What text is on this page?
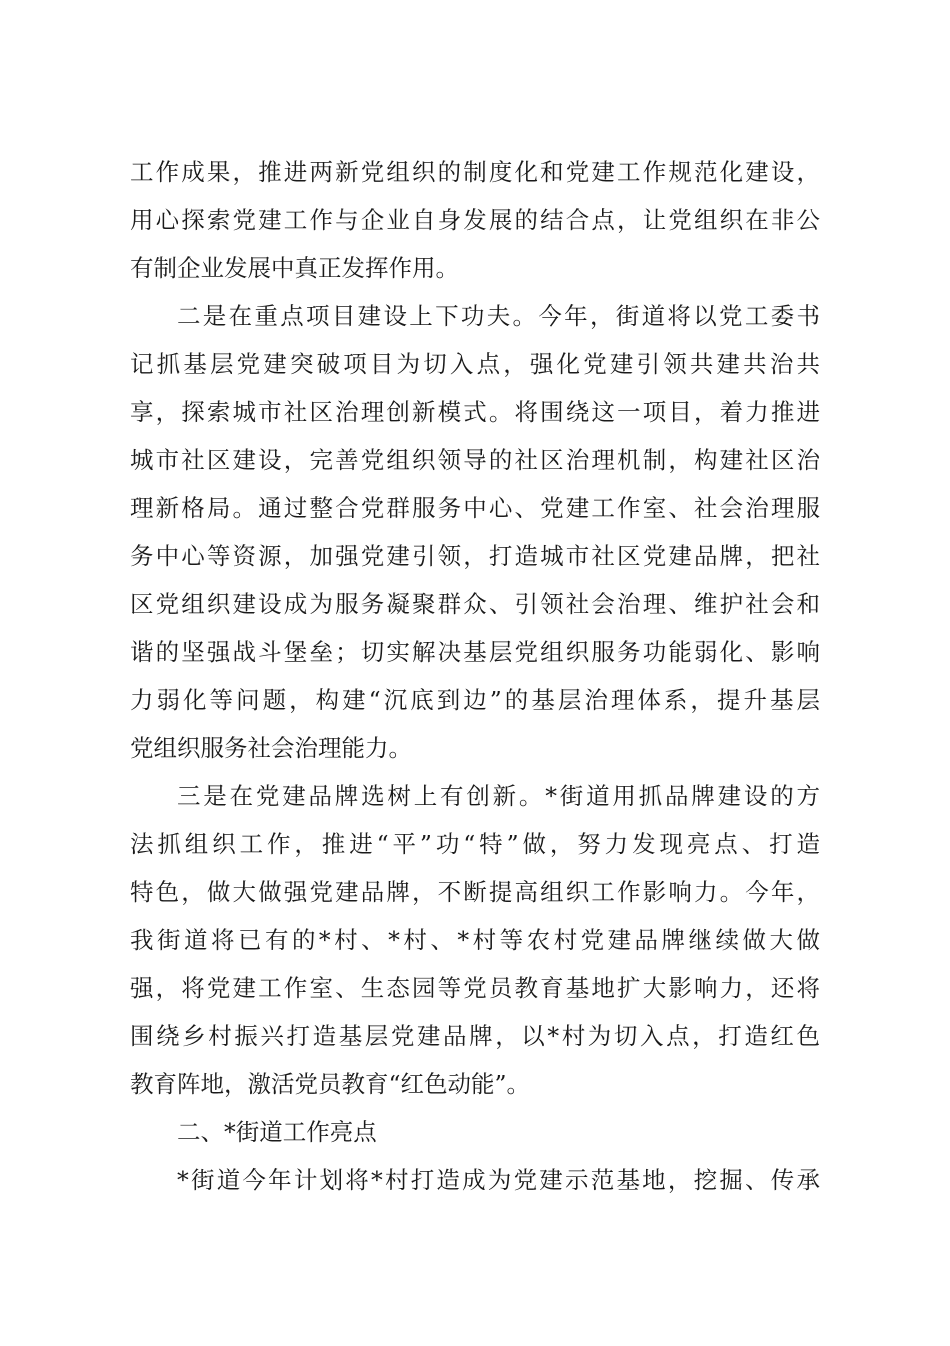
工作成果，推进两新党组织的制度化和党建工作规范化建设，
用心探索党建工作与企业自身发展的结合点，让党组织在非公
有制企业发展中真正发挥作用。
二是在重点项目建设上下功夫。今年，街道将以党工委书
记抓基层党建突破项目为切入点，强化党建引领共建共治共
享，探索城市社区治理创新模式。将围绕这一项目，着力推进
城市社区建设，完善党组织领导的社区治理机制，构建社区治
理新格局。通过整合党群服务中心、党建工作室、社会治理服
务中心等资源，加强党建引领，打造城市社区党建品牌，把社
区党组织建设成为服务凝聚群众、引领社会治理、维护社会和
谐的坚强战斗堡垒；切实解决基层党组织服务功能弱化、影响
力弱化等问题，构建“沉底到边”的基层治理体系，提升基层
党组织服务社会治理能力。
三是在党建品牌选树上有创新。*街道用抓品牌建设的方
法抓组织工作，推进“平”功“特”做，努力发现亮点、打造
特色，做大做强党建品牌，不断提高组织工作影响力。今年，
我街道将已有的*村、*村、*村等农村党建品牌继续做大做
强，将党建工作室、生态园等党员教育基地扩大影响力，还将
围绕乡村振兴打造基层党建品牌，以*村为切入点，打造红色
教育阵地，激活党员教育“红色动能”。
二、*街道工作亮点
*街道今年计划将*村打造成为党建示范基地，挖掘、传承
